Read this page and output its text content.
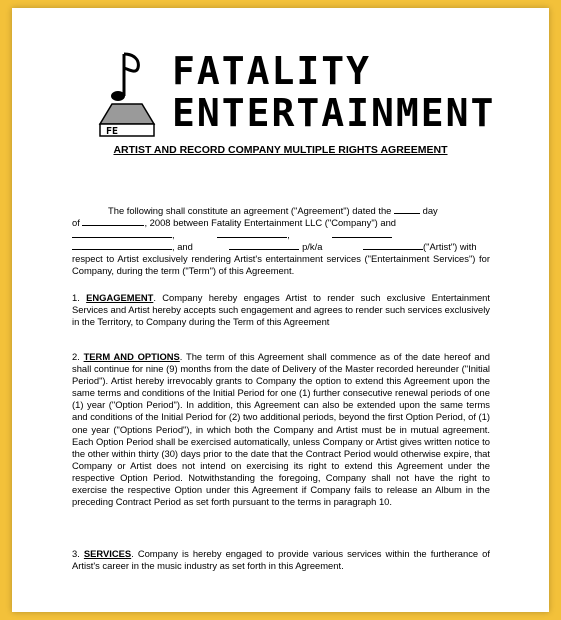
FE
FATALITY
ENTERTAINMENT
ARTIST AND RECORD COMPANY MULTIPLE RIGHTS AGREEMENT
The following shall constitute an agreement ("Agreement") dated the	day
of	, 2008 between Fatality Entertainment LLC ("Company") and
,	,
, and	p/k/a	("Artist") with
respect to Artist exclusively rendering Artist's entertainment services ("Entertainment Services") for Company, during the term ("Term") of this Agreement.
1. ENGAGEMENT. Company hereby engages Artist to render such exclusive Entertainment Services and Artist hereby accepts such engagement and agrees to render such services exclusively in the Territory, to Company during the Term of this Agreement
2. TERM AND OPTIONS. The term of this Agreement shall commence as of the date hereof and shall continue for nine (9) months from the date of Delivery of the Master recorded hereunder ("Initial Period"). Artist hereby irrevocably grants to Company the option to extend this Agreement upon the same terms and conditions of the Initial Period for one (1) further consecutive renewal periods of one (1) year ("Option Period"). In addition, this Agreement can also be extended upon the same terms and conditions of the Initial Period for (2) two additional periods, beyond the first Option Period, of (1) one year ("Options Period"), in which both the Company and Artist must be in mutual agreement. Each Option Period shall be exercised automatically, unless Company or Artist gives written notice to the other within thirty (30) days prior to the date that the Contract Period would otherwise expire, that Company or Artist does not intend on exercising its right to extend this Agreement under the respective Option Period. Notwithstanding the foregoing, Company shall not have the right to exercise the respective Option under this Agreement if Company fails to release an Album in the preceding Contract Period as set forth pursuant to the terms in paragraph 10.
3. SERVICES. Company is hereby engaged to provide various services within the furtherance of Artist's career in the music industry as set forth in this Agreement.
